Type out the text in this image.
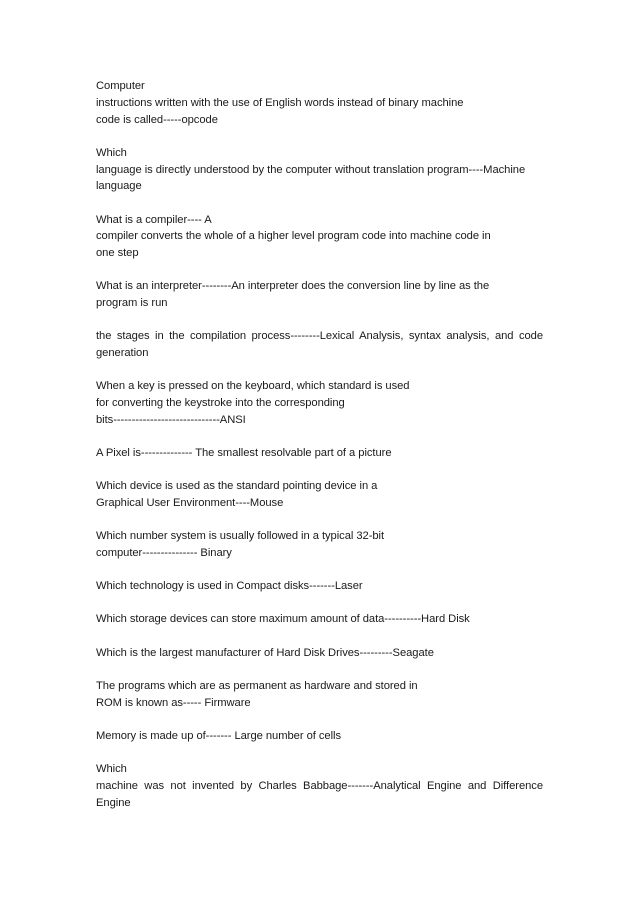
Computer
instructions written with the use of English words instead of binary machine
code is called-----opcode

Which
language is directly understood by the computer without translation program----Machine
language

What is a compiler---- A
compiler converts the whole of a higher level program code into machine code in
one step

What is an interpreter--------An interpreter does the conversion line by line as the
program is run

the stages in the compilation process--------Lexical Analysis, syntax analysis, and code
generation

When a key is pressed on the keyboard, which standard is used
for converting the keystroke into the corresponding
bits-----------------------------ANSI

A Pixel is-------------- The smallest resolvable part of a picture

Which device is used as the standard pointing device in a
Graphical User Environment----Mouse

Which number system is usually followed in a typical 32-bit
computer--------------- Binary

Which technology is used in Compact disks-------Laser

Which storage devices can store maximum amount of data----------Hard Disk

Which is the largest manufacturer of Hard Disk Drives---------Seagate

The programs which are as permanent as hardware and stored in
ROM is known as----- Firmware

Memory is made up of------- Large number of cells

Which
machine was not invented by Charles Babbage-------Analytical Engine and Difference
Engine
